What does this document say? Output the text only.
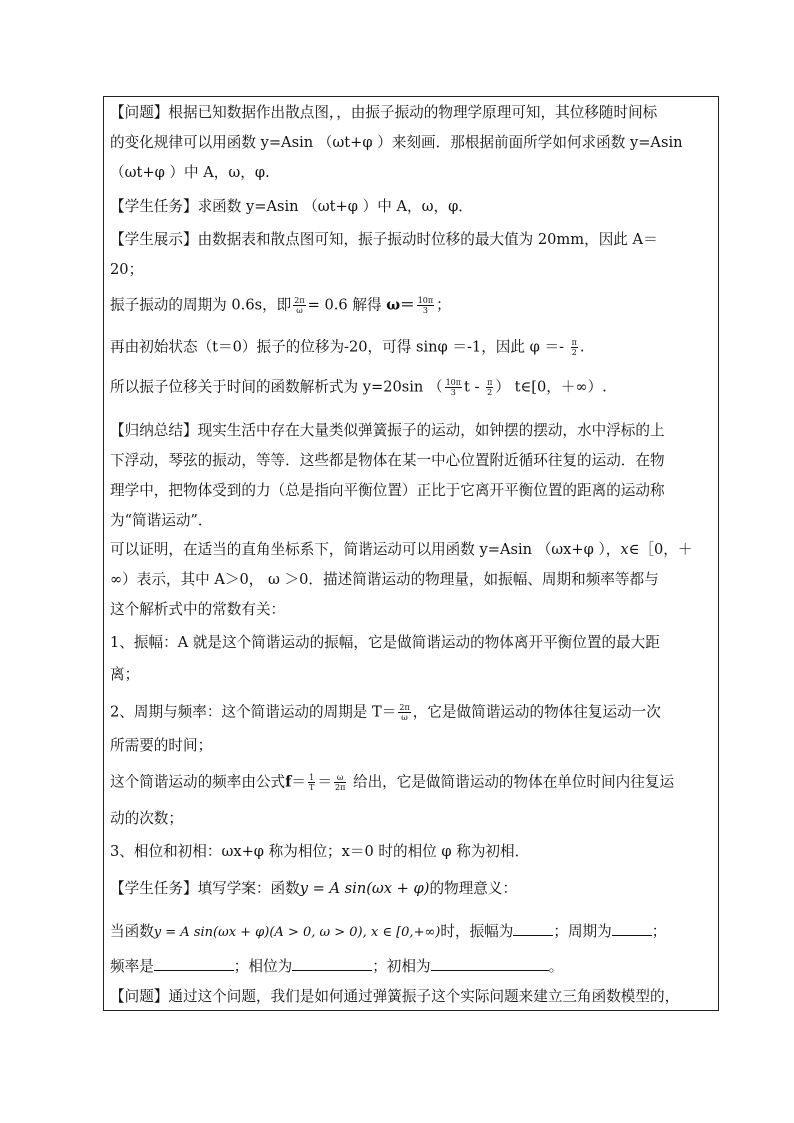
【问题】根据已知数据作出散点图，，由振子振动的物理学原理可知，其位移随时间标
的变化规律可以用函数 y=Asin （ωt+φ ）来刻画．那根据前面所学如何求函数 y=Asin
（ωt+φ ）中 A，ω，φ.
【学生任务】求函数 y=Asin （ωt+φ ）中 A，ω，φ．
【学生展示】由数据表和散点图可知，振子振动时位移的最大值为 20mm，因此 A＝
20；
振子振动的周期为 0.6s，即 $\frac{2\pi}{\omega} = 0.6$ 解得 $\omega= \frac{10\pi}{3}$ ；
再由初始状态（t＝0）振子的位移为-20，可得 sinφ ＝-1，因此 $\varphi =- \frac{\pi}{2}$ .
所以振子位移关于时间的函数解析式为 y=20sin （ $\frac{10\pi}{3}$ t - $\frac{\pi}{2}$ ） t∈[0，＋∞）.
【归纳总结】现实生活中存在大量类似弹簧振子的运动，如钟摆的摆动，水中浮标的上
下浮动，琴弦的振动，等等．这些都是物体在某一中心位置附近循环往复的运动．在物
理学中，把物体受到的力（总是指向平衡位置）正比于它离开平衡位置的距离的运动称
为“简谐运动”．
可以证明，在适当的直角坐标系下，简谐运动可以用函数 y=Asin （ωx+φ ），x∈［0，＋
∞）表示，其中 A＞0， ω ＞0．描述简谐运动的物理量，如振幅、周期和频率等都与
这个解析式中的常数有关：
1、振幅：A 就是这个简谐运动的振幅，它是做简谐运动的物体离开平衡位置的最大距
离；
2、周期与频率：这个简谐运动的周期是 $T= \frac{2\pi}{\omega}$ ，它是做简谐运动的物体往复运动一次
所需要的时间；
这个简谐运动的频率由公式$f= \frac{1}{T} = \frac{\omega}{2\pi}$ 给出，它是做简谐运动的物体在单位时间内往复运
动的次数；
3、相位和初相：ωx+φ 称为相位；x＝0 时的相位 φ 称为初相．
【学生任务】填写学案：函数y = A sin(ωx + φ)的物理意义：
当函数y = A sin(ωx + φ)(A > 0, ω > 0), x ∈ [0,+∞)时，振幅为	；周期为	；
频率是	；相位为	；初相为	。
【问题】通过这个问题，我们是如何通过弹簧振子这个实际问题来建立三角函数模型的，
